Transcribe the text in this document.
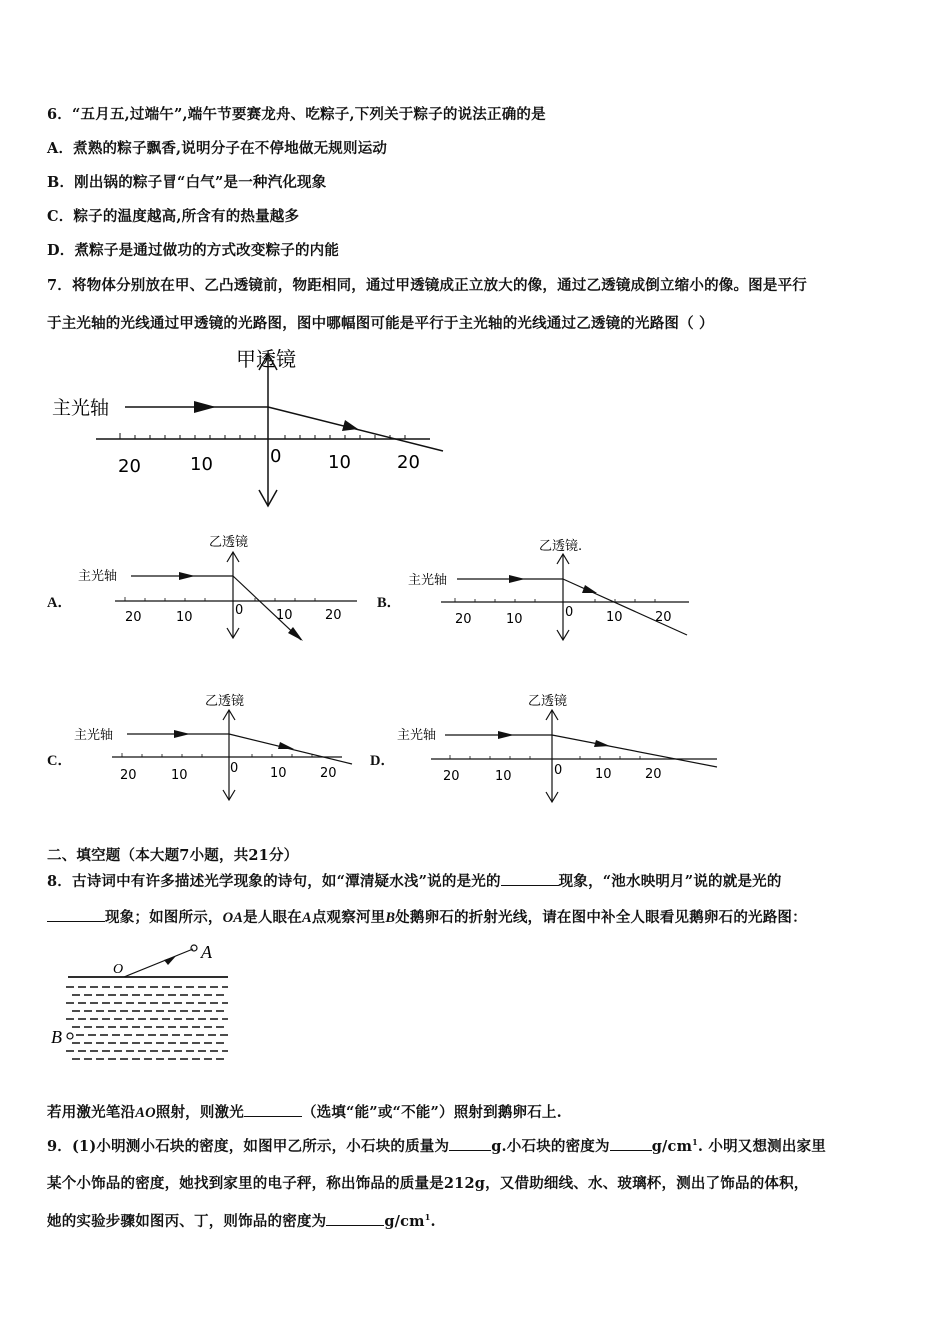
6．“五月五,过端午”,端午节要赛龙舟、吃粽子,下列关于粽子的说法正确的是
A．煮熟的粽子飘香,说明分子在不停地做无规则运动
B．刚出锅的粽子冒“白气”是一种汽化现象
C．粽子的温度越高,所含有的热量越多
D．煮粽子是通过做功的方式改变粽子的内能
7．将物体分别放在甲、乙凸透镜前，物距相同，通过甲透镜成正立放大的像，通过乙透镜成倒立缩小的像。图是平行
于主光轴的光线通过甲透镜的光路图，图中哪幅图可能是平行于主光轴的光线通过乙透镜的光路图（ ）
甲透镜
主光轴
20	10	0	10	20
A．
乙透镜
主光轴
20	10	0	10 20
B．
乙透镜.
主光轴
20	10	0	10 20
C．
乙透镜
主光轴
20	10	0 10	20
D．
乙透镜
主光轴
20	10	0	10	20
二、填空题（本大题7小题，共21分）
8．古诗词中有许多描述光学现象的诗句，如“潭清疑水浅”说的是光的	现象，“池水映明月”说的就是光的
现象；如图所示，OA是人眼在A点观察河里B处鹅卵石的折射光线，请在图中补全人眼看见鹅卵石的光路图：
O
A
B
若用激光笔沿AO照射，则激光	（选填“能”或“不能”）照射到鹅卵石上.
9．(1)小明测小石块的密度，如图甲乙所示，小石块的质量为	g.小石块的密度为	$g/cm^1$. 小明又想测出家里
某个小饰品的密度，她找到家里的电子秤，称出饰品的质量是212g，又借助细线、水、玻璃杯，测出了饰品的体积，
她的实验步骤如图丙、丁，则饰品的密度为	$g/cm^1$.
